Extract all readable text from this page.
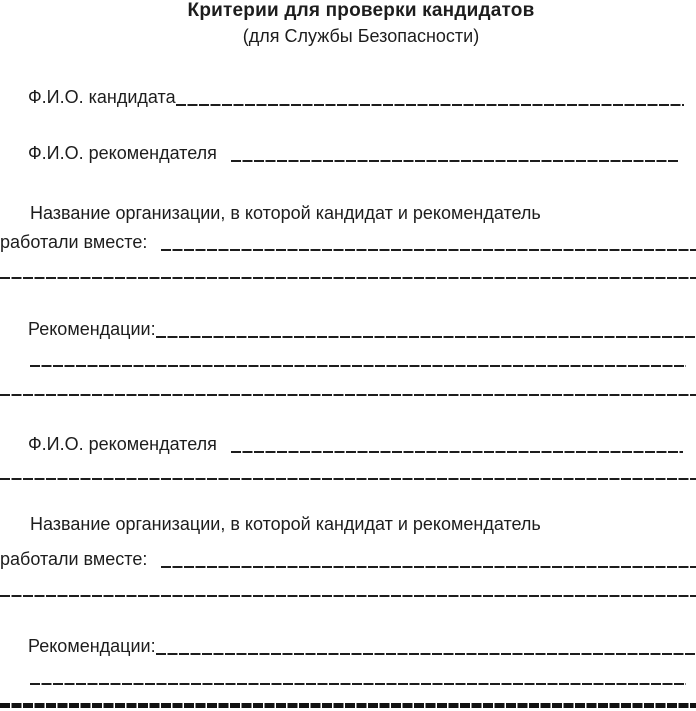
Критерии для проверки кандидатов
(для Службы Безопасности)
Ф.И.О. кандидата
Ф.И.О. рекомендателя
Название организации, в которой кандидат и рекомендатель
работали вместе:
Рекомендации:
Ф.И.О. рекомендателя
Название организации, в которой кандидат и рекомендатель
работали вместе:
Рекомендации:
